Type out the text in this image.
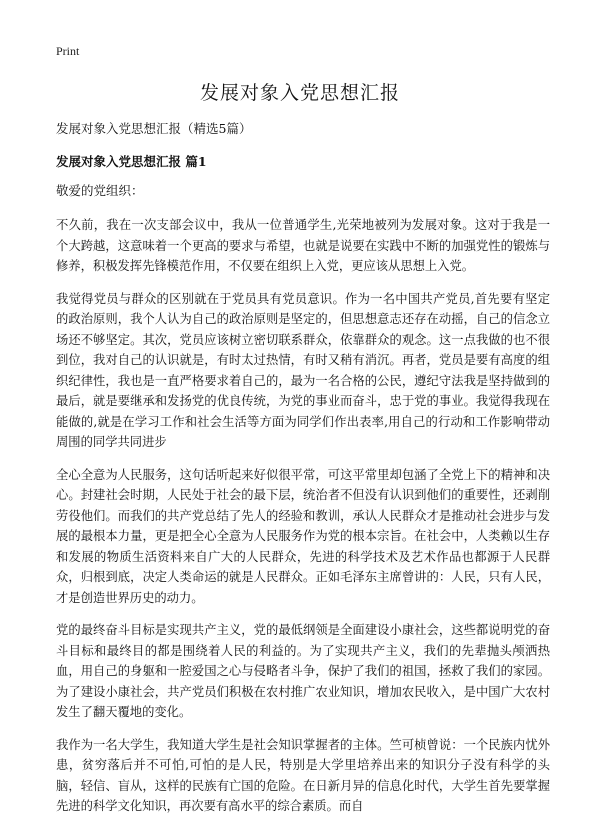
Print
发展对象入党思想汇报

发展对象入党思想汇报（精选5篇）

发展对象入党思想汇报 篇1

敬爱的党组织：

不久前，我在一次支部会议中，我从一位普通学生,光荣地被列为发展对象。这对于我是一个大跨越，这意味着一个更高的要求与希望，也就是说要在实践中不断的加强党性的锻炼与修养，积极发挥先锋模范作用，不仅要在组织上入党，更应该从思想上入党。

我觉得党员与群众的区别就在于党员具有党员意识。作为一名中国共产党员,首先要有坚定的政治原则，我个人认为自己的政治原则是坚定的，但思想意志还存在动摇，自己的信念立场还不够坚定。其次，党员应该树立密切联系群众，依靠群众的观念。这一点我做的也不很到位，我对自己的认识就是，有时太过热情，有时又稍有消沉。再者，党员是要有高度的组织纪律性，我也是一直严格要求着自己的，最为一名合格的公民，遵纪守法我是坚持做到的最后，就是要继承和发扬党的优良传统，为党的事业而奋斗，忠于党的事业。我觉得我现在能做的,就是在学习工作和社会生活等方面为同学们作出表率,用自己的行动和工作影响带动周围的同学共同进步

全心全意为人民服务，这句话听起来好似很平常，可这平常里却包涵了全党上下的精神和决心。封建社会时期，人民处于社会的最下层，统治者不但没有认识到他们的重要性，还剥削劳役他们。而我们的共产党总结了先人的经验和教训，承认人民群众才是推动社会进步与发展的最根本力量，更是把全心全意为人民服务作为党的根本宗旨。在社会中，人类赖以生存和发展的物质生活资料来自广大的人民群众，先进的科学技术及艺术作品也都源于人民群众，归根到底，决定人类命运的就是人民群众。正如毛泽东主席曾讲的：人民，只有人民，才是创造世界历史的动力。

党的最终奋斗目标是实现共产主义，党的最低纲领是全面建设小康社会，这些都说明党的奋斗目标和最终目的都是围绕着人民的利益的。为了实现共产主义，我们的先辈抛头颅洒热血，用自己的身躯和一腔爱国之心与侵略者斗争，保护了我们的祖国，拯救了我们的家园。为了建设小康社会，共产党员们积极在农村推广农业知识，增加农民收入，是中国广大农村发生了翻天覆地的变化。

我作为一名大学生，我知道大学生是社会知识掌握者的主体。竺可桢曾说：一个民族内忧外患，贫穷落后并不可怕,可怕的是人民，特别是大学里培养出来的知识分子没有科学的头脑，轻信、盲从，这样的民族有亡国的危险。在日新月异的信息化时代，大学生首先要掌握先进的科学文化知识，再次要有高水平的综合素质。而自
